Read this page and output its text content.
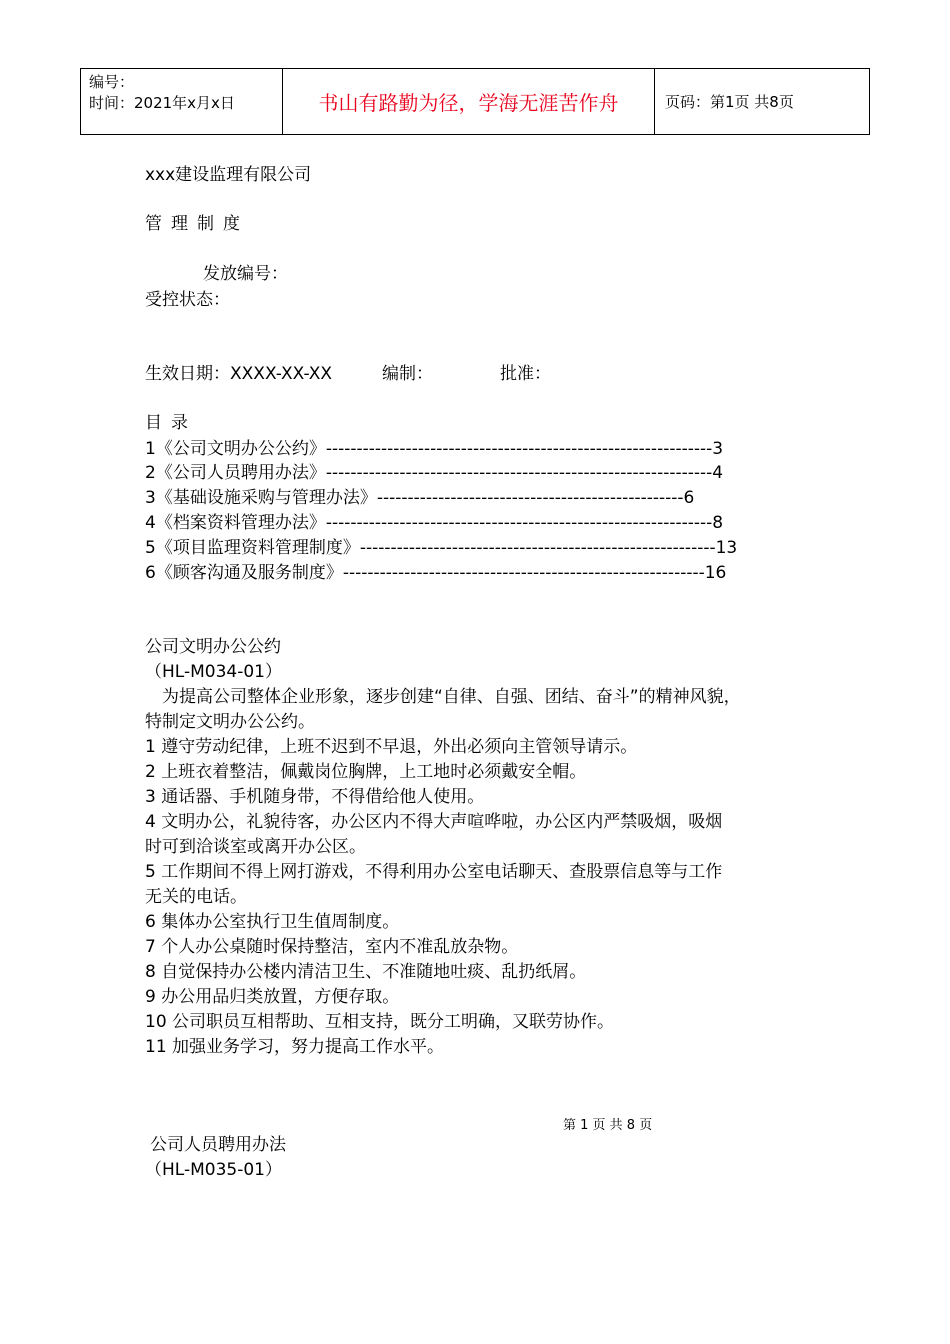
编号：
时间：2021年x月x日	书山有路勤为径，学海无涯苦作舟	页码：第1页 共8页
xxx建设监理有限公司
管理制度
发放编号：
受控状态：
生效日期：XXXX-XX-XX	编制：	批准：
目录
1《公司文明办公公约》---------------------------------------------------------------3
2《公司人员聘用办法》---------------------------------------------------------------4
3《基础设施采购与管理办法》--------------------------------------------------6
4《档案资料管理办法》---------------------------------------------------------------8
5《项目监理资料管理制度》----------------------------------------------------------13
6《顾客沟通及服务制度》-----------------------------------------------------------16
公司文明办公公约
（HL-M034-01）
　为提高公司整体企业形象，逐步创建“自律、自强、团结、奋斗”的精神风貌，
特制定文明办公公约。
1 遵守劳动纪律，上班不迟到不早退，外出必须向主管领导请示。
2 上班衣着整洁，佩戴岗位胸牌，上工地时必须戴安全帽。
3 通话器、手机随身带，不得借给他人使用。
4 文明办公，礼貌待客，办公区内不得大声喧哗啦，办公区内严禁吸烟，吸烟
时可到洽谈室或离开办公区。
5 工作期间不得上网打游戏，不得利用办公室电话聊天、查股票信息等与工作
无关的电话。
6 集体办公室执行卫生值周制度。
7 个人办公桌随时保持整洁，室内不准乱放杂物。
8 自觉保持办公楼内清洁卫生、不准随地吐痰、乱扔纸屑。
9 办公用品归类放置，方便存取。
10 公司职员互相帮助、互相支持，既分工明确，又联劳协作。
11 加强业务学习，努力提高工作水平。
第 1 页 共 8 页
公司人员聘用办法
（HL-M035-01）
